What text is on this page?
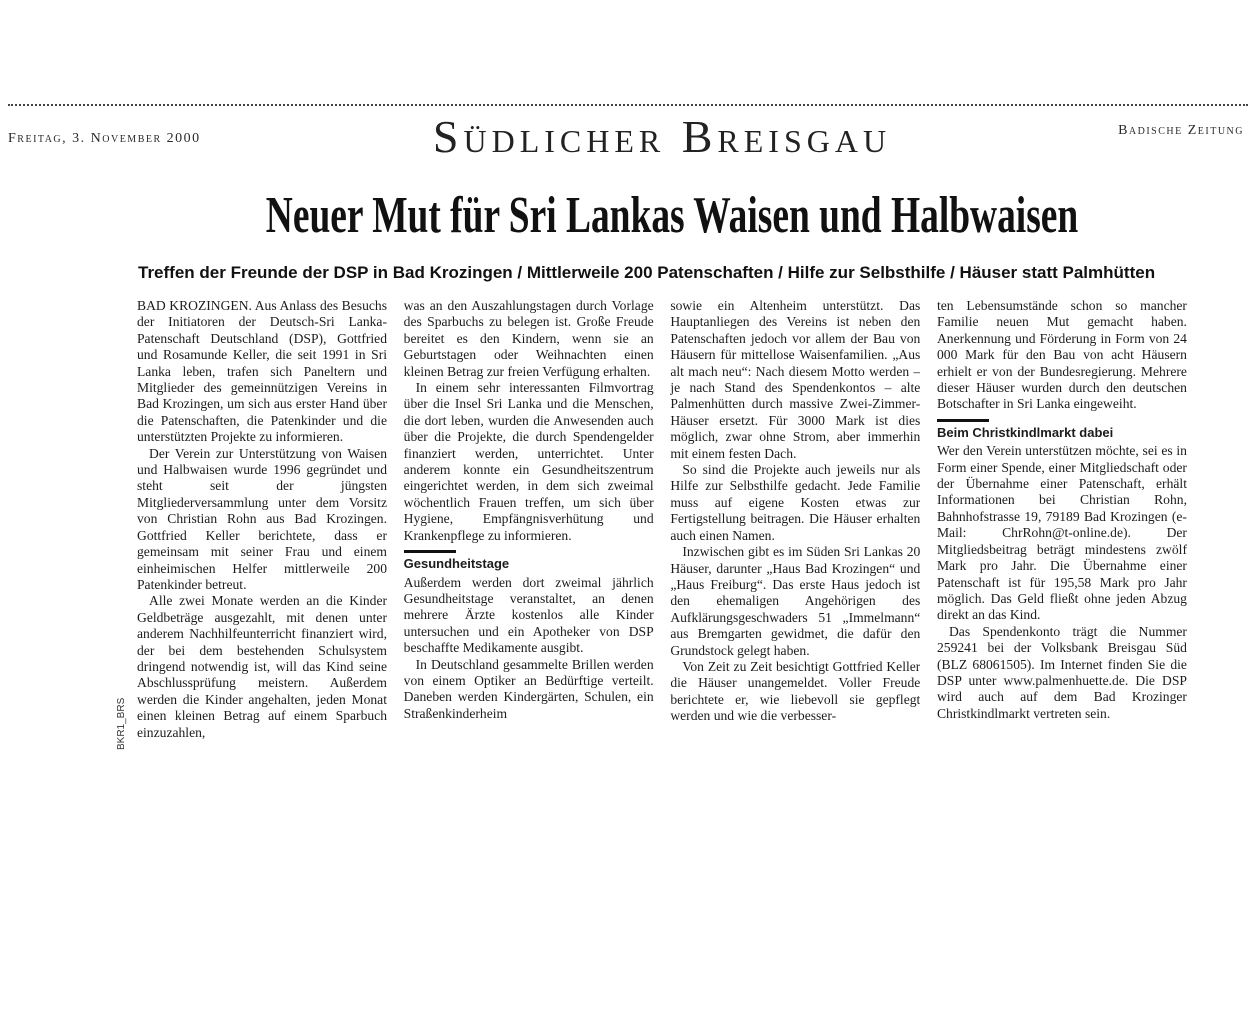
Freitag, 3. November 2000	Südlicher Breisgau	Badische Zeitung
Neuer Mut für Sri Lankas Waisen und Halbwaisen
Treffen der Freunde der DSP in Bad Krozingen / Mittlerweile 200 Patenschaften / Hilfe zur Selbsthilfe / Häuser statt Palmhütten
BKR1_BRS

BAD KROZINGEN. Aus Anlass des Besuchs der Initiatoren der Deutsch-Sri Lanka-Patenschaft Deutschland (DSP), Gottfried und Rosamunde Keller, die seit 1991 in Sri Lanka leben, trafen sich Paneltern und Mitglieder des gemeinnützigen Vereins in Bad Krozingen, um sich aus erster Hand über die Patenschaften, die Patenkinder und die unterstützten Projekte zu informieren.

Der Verein zur Unterstützung von Waisen und Halbwaisen wurde 1996 gegründet und steht seit der jüngsten Mitgliederversammlung unter dem Vorsitz von Christian Rohn aus Bad Krozingen. Gottfried Keller berichtete, dass er gemeinsam mit seiner Frau und einem einheimischen Helfer mittlerweile 200 Patenkinder betreut.

Alle zwei Monate werden an die Kinder Geldbeträge ausgezahlt, mit denen unter anderem Nachhilfeunterricht finanziert wird, der bei dem bestehenden Schulsystem dringend notwendig ist, will das Kind seine Abschlussprüfung meistern. Außerdem werden die Kinder angehalten, jeden Monat einen kleinen Betrag auf einem Sparbuch einzuzahlen,

was an den Auszahlungstagen durch Vorlage des Sparbuchs zu belegen ist. Große Freude bereitet es den Kindern, wenn sie an Geburtstagen oder Weihnachten einen kleinen Betrag zur freien Verfügung erhalten.

In einem sehr interessanten Filmvortrag über die Insel Sri Lanka und die Menschen, die dort leben, wurden die Anwesenden auch über die Projekte, die durch Spendengelder finanziert werden, unterrichtet. Unter anderem konnte ein Gesundheitszentrum eingerichtet werden, in dem sich zweimal wöchentlich Frauen treffen, um sich über Hygiene, Empfängnisverhütung und Krankenpflege zu informieren.

Gesundheitstage

Außerdem werden dort zweimal jährlich Gesundheitstage veranstaltet, an denen mehrere Ärzte kostenlos alle Kinder untersuchen und ein Apotheker von DSP beschaffte Medikamente ausgibt.

In Deutschland gesammelte Brillen werden von einem Optiker an Bedürftige verteilt. Daneben werden Kindergärten, Schulen, ein Straßenkinderheim

sowie ein Altenheim unterstützt. Das Hauptanliegen des Vereins ist neben den Patenschaften jedoch vor allem der Bau von Häusern für mittellose Waisenfamilien. „Aus alt mach neu“: Nach diesem Motto werden – je nach Stand des Spendenkontos – alte Palmenhütten durch massive Zwei-Zimmer-Häuser ersetzt. Für 3000 Mark ist dies möglich, zwar ohne Strom, aber immerhin mit einem festen Dach.

So sind die Projekte auch jeweils nur als Hilfe zur Selbsthilfe gedacht. Jede Familie muss auf eigene Kosten etwas zur Fertigstellung beitragen. Die Häuser erhalten auch einen Namen.

Inzwischen gibt es im Süden Sri Lankas 20 Häuser, darunter „Haus Bad Krozingen“ und „Haus Freiburg“. Das erste Haus jedoch ist den ehemaligen Angehörigen des Aufklärungsgeschwaders 51 „Immelmann“ aus Bremgarten gewidmet, die dafür den Grundstock gelegt haben.

Von Zeit zu Zeit besichtigt Gottfried Keller die Häuser unangemeldet. Voller Freude berichtete er, wie liebevoll sie gepflegt werden und wie die verbesser-

ten Lebensumstände schon so mancher Familie neuen Mut gemacht haben. Anerkennung und Förderung in Form von 24 000 Mark für den Bau von acht Häusern erhielt er von der Bundesregierung. Mehrere dieser Häuser wurden durch den deutschen Botschafter in Sri Lanka eingeweiht.

Beim Christkindlmarkt dabei

Wer den Verein unterstützen möchte, sei es in Form einer Spende, einer Mitgliedschaft oder der Übernahme einer Patenschaft, erhält Informationen bei Christian Rohn, Bahnhofstrasse 19, 79189 Bad Krozingen (e-Mail: ChrRohn@t-online.de). Der Mitgliedsbeitrag beträgt mindestens zwölf Mark pro Jahr. Die Übernahme einer Patenschaft ist für 195,58 Mark pro Jahr möglich. Das Geld fließt ohne jeden Abzug direkt an das Kind.

Das Spendenkonto trägt die Nummer 259241 bei der Volksbank Breisgau Süd (BLZ 68061505). Im Internet finden Sie die DSP unter www.palmenhuette.de. Die DSP wird auch auf dem Bad Krozinger Christkindlmarkt vertreten sein.
